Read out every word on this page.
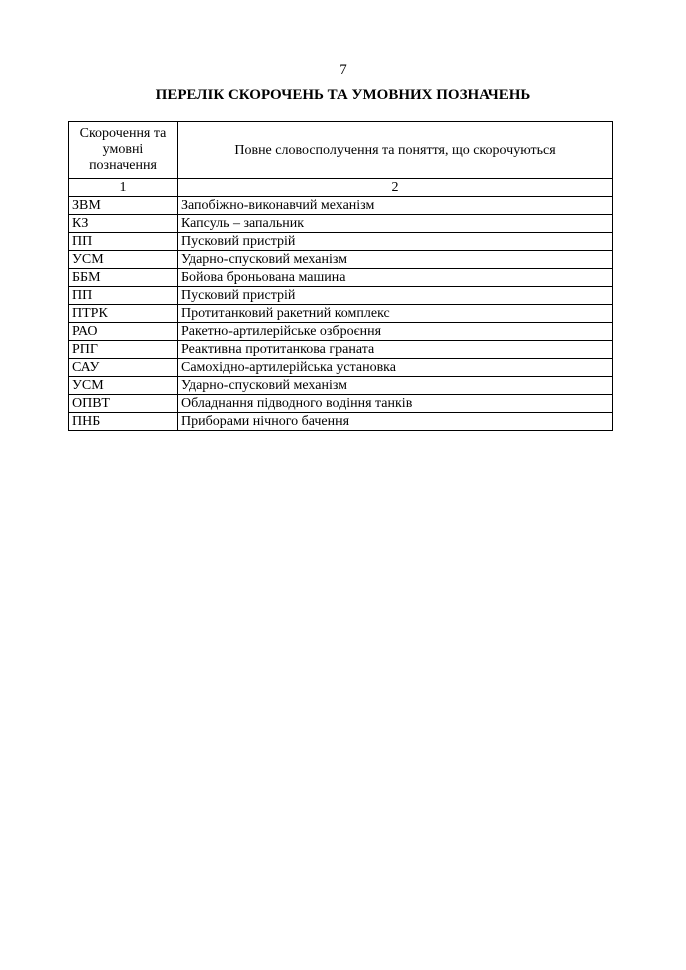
7
ПЕРЕЛІК СКОРОЧЕНЬ ТА УМОВНИХ ПОЗНАЧЕНЬ
Скорочення та умовні позначення	Повне словосполучення та поняття, що скорочуються
1	2
ЗВМ	Запобіжно-виконавчий механізм
КЗ	Капсуль – запальник
ПП	Пусковий пристрій
УСМ	Ударно-спусковий механізм
ББМ	Бойова броньована машина
ПП	Пусковий пристрій
ПТРК	Протитанковий ракетний комплекс
РАО	Ракетно-артилерійське озброєння
РПГ	Реактивна протитанкова граната
САУ	Самохідно-артилерійська установка
УСМ	Ударно-спусковий механізм
ОПВТ	Обладнання підводного водіння танків
ПНБ	Приборами нічного бачення
